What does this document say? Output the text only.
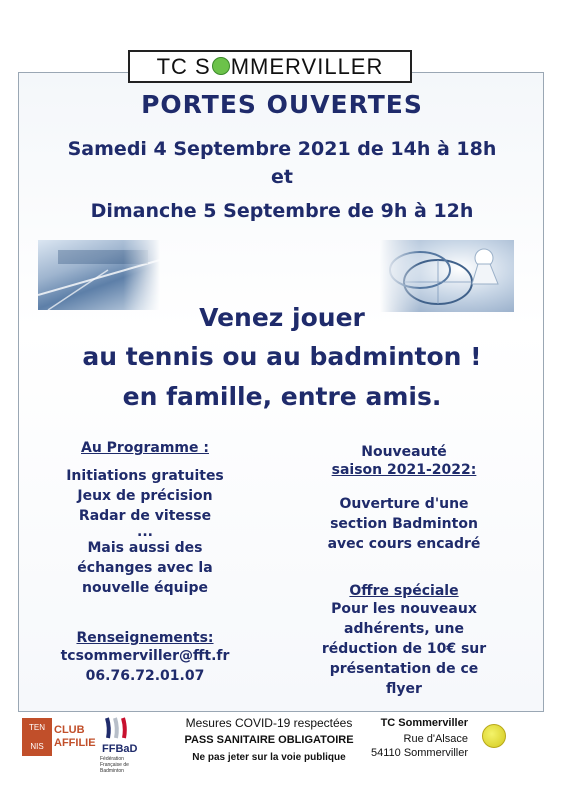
TC S MMERVILLER
PORTES OUVERTES
Samedi 4 Septembre 2021 de 14h à 18h
et
Dimanche 5 Septembre de 9h à 12h
Venez jouer
au tennis ou au badminton !
en famille, entre amis.
Au Programme :
Initiations gratuites
Jeux de précision
Radar de vitesse
...
Mais aussi des
échanges avec la
nouvelle équipe
Renseignements:
tcsommerviller@fft.fr
06.76.72.01.07
Nouveauté
saison 2021-2022:
Ouverture d'une
section Badminton
avec cours encadré
Offre spéciale
Pour les nouveaux
adhérents, une
réduction de 10€ sur
présentation de ce
flyer
TEN
NIS
CLUB
AFFILIE FFBaD
Fédération Française de Badminton
Mesures COVID-19 respectées
PASS SANITAIRE OBLIGATOIRE
Ne pas jeter sur la voie publique
TC Sommerviller
Rue d'Alsace
54110 Sommerviller
